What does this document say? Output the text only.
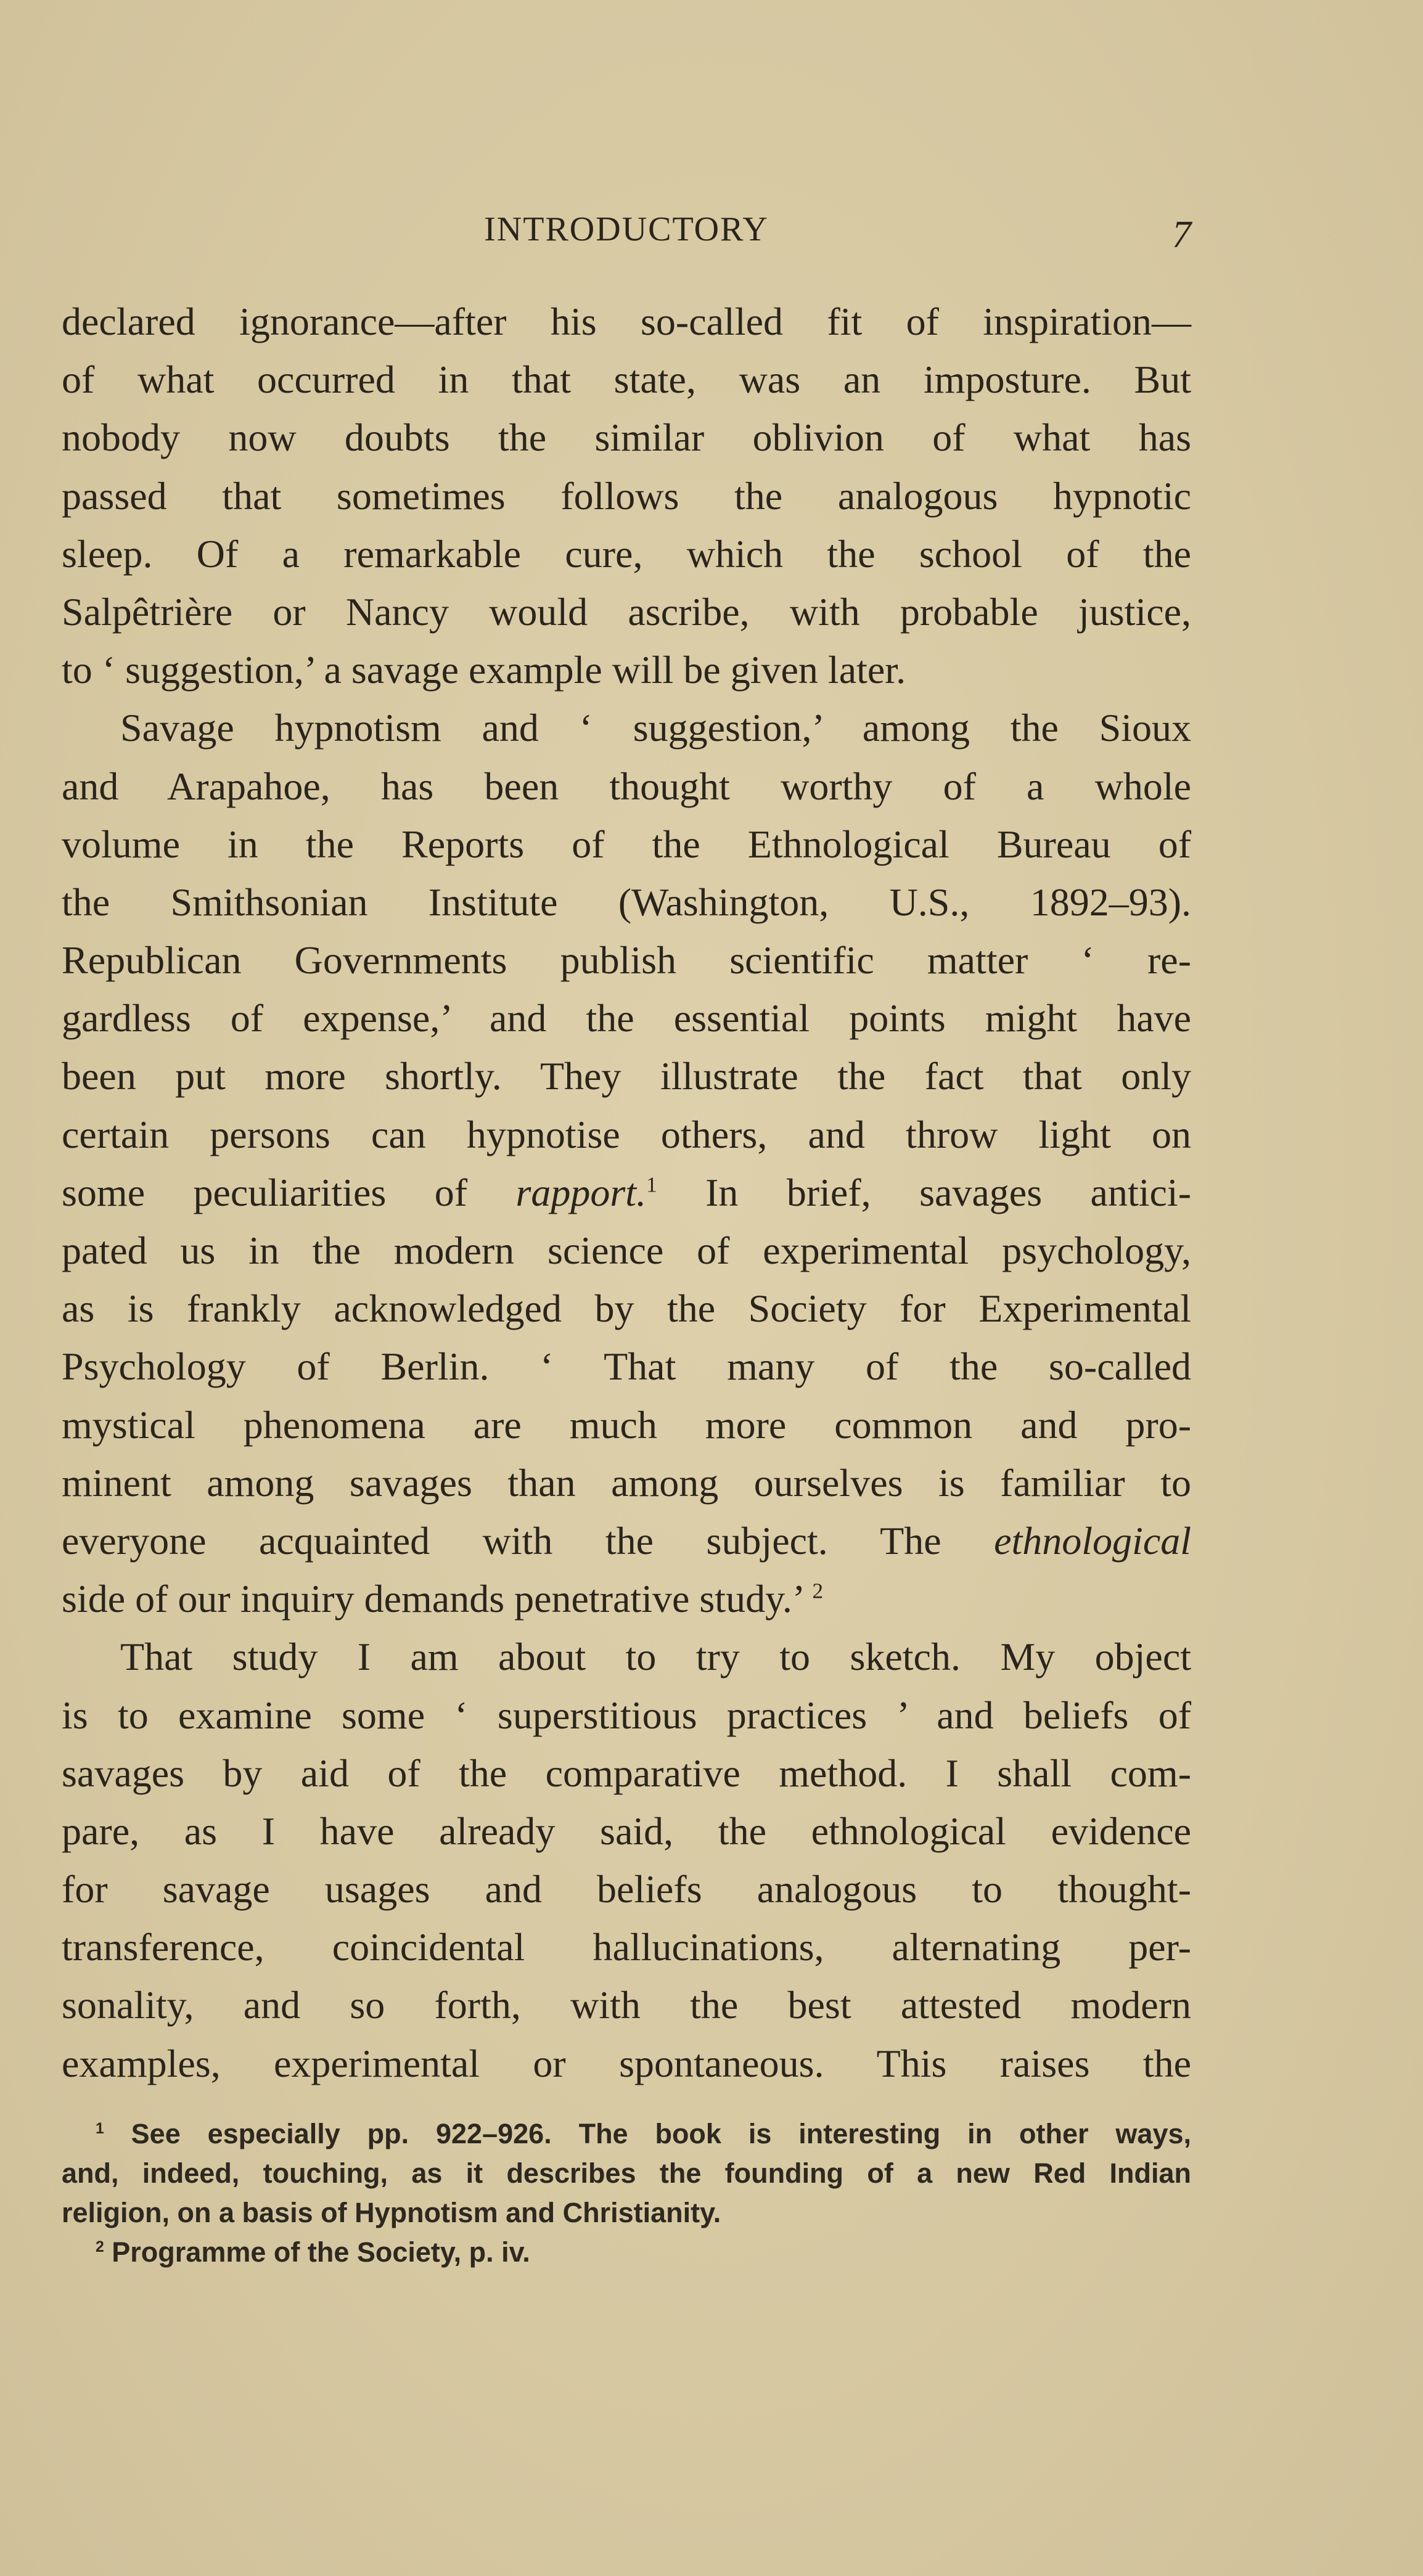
INTRODUCTORY	7
declared ignorance—after his so-called fit of inspiration—
of what occurred in that state, was an imposture. But
nobody now doubts the similar oblivion of what has
passed that sometimes follows the analogous hypnotic
sleep. Of a remarkable cure, which the school of the
Salpêtrière or Nancy would ascribe, with probable justice,
to ‘ suggestion,’ a savage example will be given later.
Savage hypnotism and ‘ suggestion,’ among the Sioux
and Arapahoe, has been thought worthy of a whole
volume in the Reports of the Ethnological Bureau of
the Smithsonian Institute (Washington, U.S., 1892–93).
Republican Governments publish scientific matter ‘ re-
gardless of expense,’ and the essential points might have
been put more shortly. They illustrate the fact that only
certain persons can hypnotise others, and throw light on
some peculiarities of rapport.$^1$ In brief, savages antici-
pated us in the modern science of experimental psychology,
as is frankly acknowledged by the Society for Experimental
Psychology of Berlin. ‘ That many of the so-called
mystical phenomena are much more common and pro-
minent among savages than among ourselves is familiar to
everyone acquainted with the subject. The ethnological
side of our inquiry demands penetrative study.’ $^2$
That study I am about to try to sketch. My object
is to examine some ‘ superstitious practices ’ and beliefs of
savages by aid of the comparative method. I shall com-
pare, as I have already said, the ethnological evidence
for savage usages and beliefs analogous to thought-
transference, coincidental hallucinations, alternating per-
sonality, and so forth, with the best attested modern
examples, experimental or spontaneous. This raises the
$^1$ See especially pp. 922–926. The book is interesting in other ways,
and, indeed, touching, as it describes the founding of a new Red Indian
religion, on a basis of Hypnotism and Christianity.
$^2$ Programme of the Society, p. iv.
